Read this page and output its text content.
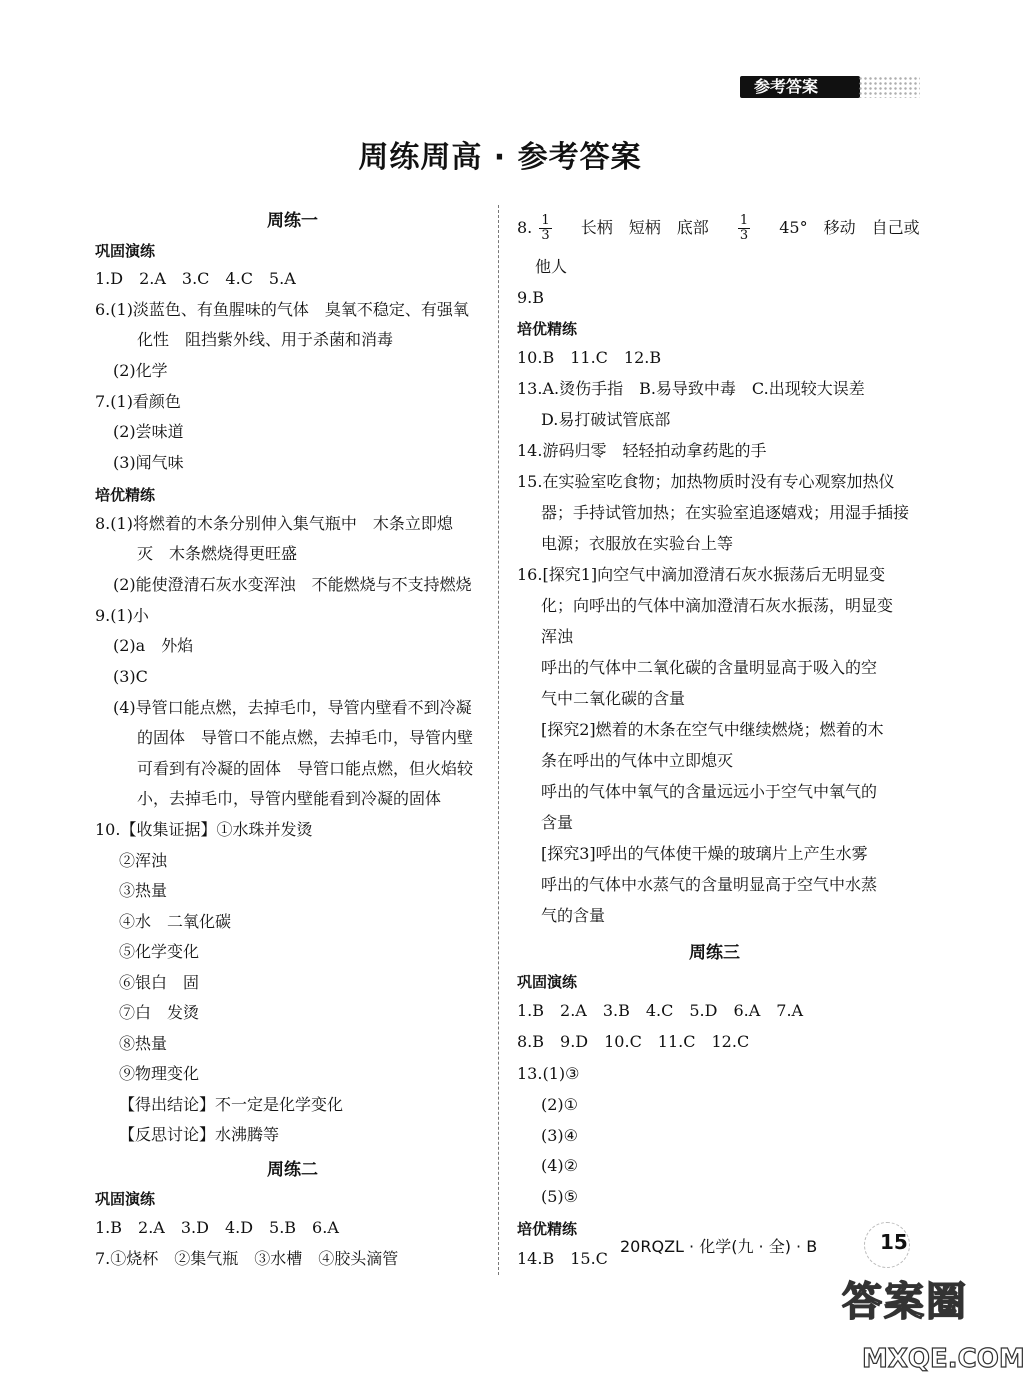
参考答案
周练周高 · 参考答案
周练一
巩固演练
1.D　2.A　3.C　4.C　5.A
6.(1)淡蓝色、有鱼腥味的气体　臭氧不稳定、有强氧
化性　阻挡紫外线、用于杀菌和消毒
(2)化学
7.(1)看颜色
(2)尝味道
(3)闻气味
培优精练
8.(1)将燃着的木条分别伸入集气瓶中　木条立即熄
灭　木条燃烧得更旺盛
(2)能使澄清石灰水变浑浊　不能燃烧与不支持燃烧
9.(1)小
(2)a　外焰
(3)C
(4)导管口能点燃，去掉毛巾，导管内壁看不到冷凝
的固体　导管口不能点燃，去掉毛巾，导管内壁
可看到有冷凝的固体　导管口能点燃，但火焰较
小，去掉毛巾，导管内壁能看到冷凝的固体
10.【收集证据】①水珠并发烫
②浑浊
③热量
④水　二氧化碳
⑤化学变化
⑥银白　固
⑦白　发烫
⑧热量
⑨物理变化
【得出结论】不一定是化学变化
【反思讨论】水沸腾等
周练二
巩固演练
1.B　2.A　3.D　4.D　5.B　6.A
7.①烧杯　②集气瓶　③水槽　④胶头滴管
8. $\frac{1}{3}$ 长柄　短柄　底部 $\frac{1}{3} 45^\circ$　移动　自己或
他人
9.B
培优精练
10.B　11.C　12.B
13.A.烫伤手指　B.易导致中毒　C.出现较大误差
D.易打破试管底部
14.游码归零　轻轻拍动拿药匙的手
15.在实验室吃食物；加热物质时没有专心观察加热仪
器；手持试管加热；在实验室追逐嬉戏；用湿手插接
电源；衣服放在实验台上等
16.[探究1]向空气中滴加澄清石灰水振荡后无明显变
化；向呼出的气体中滴加澄清石灰水振荡，明显变
浑浊
呼出的气体中二氧化碳的含量明显高于吸入的空
气中二氧化碳的含量
[探究2]燃着的木条在空气中继续燃烧；燃着的木
条在呼出的气体中立即熄灭
呼出的气体中氧气的含量远远小于空气中氧气的
含量
[探究3]呼出的气体使干燥的玻璃片上产生水雾
呼出的气体中水蒸气的含量明显高于空气中水蒸
气的含量
周练三
巩固演练
1.B　2.A　3.B　4.C　5.D　6.A　7.A
8.B　9.D　10.C　11.C　12.C
13.(1)③
(2)①
(3)④
(4)②
(5)⑤
培优精练
14.B　15.C
20RQZL · 化学(九 · 全) · B	15
答案圈
MXQE.COM
